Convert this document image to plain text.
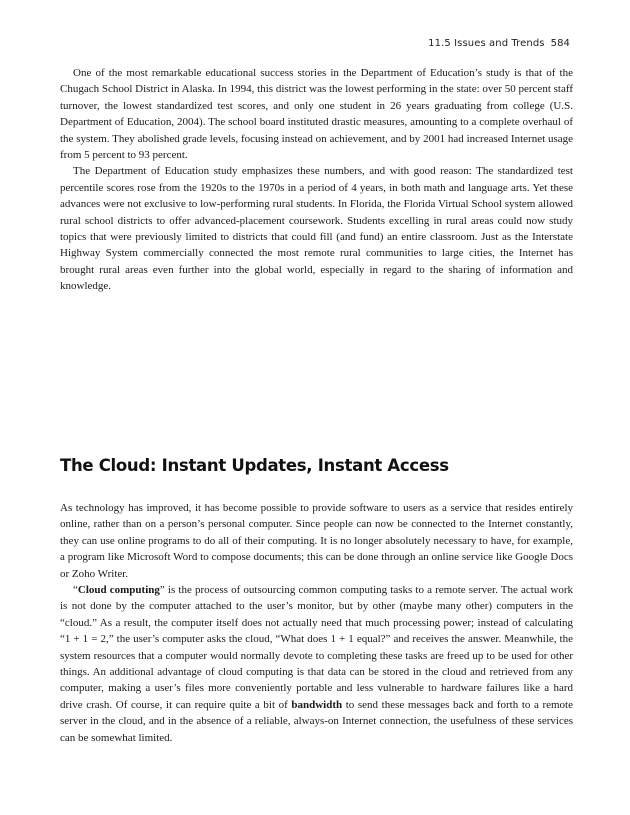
11.5 Issues and Trends 584

One of the most remarkable educational success stories in the Department of Education’s study is that of the Chugach School District in Alaska. In 1994, this district was the lowest performing in the state: over 50 percent staff turnover, the lowest standardized test scores, and only one student in 26 years graduating from college (U.S. Department of Education, 2004). The school board instituted drastic measures, amounting to a complete overhaul of the system. They abolished grade levels, focusing instead on achievement, and by 2001 had increased Internet usage from 5 percent to 93 percent.

The Department of Education study emphasizes these numbers, and with good reason: The standardized test percentile scores rose from the 1920s to the 1970s in a period of 4 years, in both math and language arts. Yet these advances were not exclusive to low-performing rural students. In Florida, the Florida Virtual School system allowed rural school districts to offer advanced-placement coursework. Students excelling in rural areas could now study topics that were previously limited to districts that could fill (and fund) an entire classroom. Just as the Interstate Highway System commercially connected the most remote rural communities to large cities, the Internet has brought rural areas even further into the global world, especially in regard to the sharing of information and knowledge.

The Cloud: Instant Updates, Instant Access

As technology has improved, it has become possible to provide software to users as a service that resides entirely online, rather than on a person’s personal computer. Since people can now be connected to the Internet constantly, they can use online programs to do all of their computing. It is no longer absolutely necessary to have, for example, a program like Microsoft Word to compose documents; this can be done through an online service like Google Docs or Zoho Writer.

“Cloud computing” is the process of outsourcing common computing tasks to a remote server. The actual work is not done by the computer attached to the user’s monitor, but by other (maybe many other) computers in the “cloud.” As a result, the computer itself does not actually need that much processing power; instead of calculating “1 + 1 = 2,” the user’s computer asks the cloud, “What does 1 + 1 equal?” and receives the answer. Meanwhile, the system resources that a computer would normally devote to completing these tasks are freed up to be used for other things. An additional advantage of cloud computing is that data can be stored in the cloud and retrieved from any computer, making a user’s files more conveniently portable and less vulnerable to hardware failures like a hard drive crash. Of course, it can require quite a bit of bandwidth to send these messages back and forth to a remote server in the cloud, and in the absence of a reliable, always-on Internet connection, the usefulness of these services can be somewhat limited.
